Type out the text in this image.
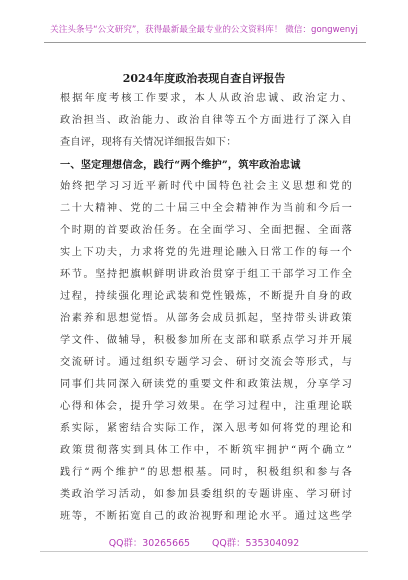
关注头条号“公文研究”，获得最新最全最专业的公文资料库！ 微信：gongwenyj
2024年度政治表现自查自评报告
根据年度考核工作要求，本人从政治忠诚、政治定力、
政治担当、政治能力、政治自律等五个方面进行了深入自
查自评，现将有关情况详细报告如下：
一、坚定理想信念，践行“两个维护”，筑牢政治忠诚
始终把学习习近平新时代中国特色社会主义思想和党的
二十大精神、党的二十届三中全会精神作为当前和今后一
个时期的首要政治任务。在全面学习、全面把握、全面落
实上下功夫，力求将党的先进理论融入日常工作的每一个
环节。坚持把旗帜鲜明讲政治贯穿于组工干部学习工作全
过程，持续强化理论武装和党性锻炼，不断提升自身的政
治素养和思想觉悟。从部务会成员抓起，坚持带头讲政策
学文件、做辅导，积极参加所在支部和联系点学习并开展
交流研讨。通过组织专题学习会、研讨交流会等形式，与
同事们共同深入研读党的重要文件和政策法规，分享学习
心得和体会，提升学习效果。在学习过程中，注重理论联
系实际，紧密结合实际工作，深入思考如何将党的理论和
政策贯彻落实到具体工作中，不断筑牢拥护“两个确立”
践行“两个维护”的思想根基。同时，积极组织和参与各
类政治学习活动，如参加县委组织的专题讲座、学习研讨
班等，不断拓宽自己的政治视野和理论水平。通过这些学
QQ群：30265665 QQ群：535304092
